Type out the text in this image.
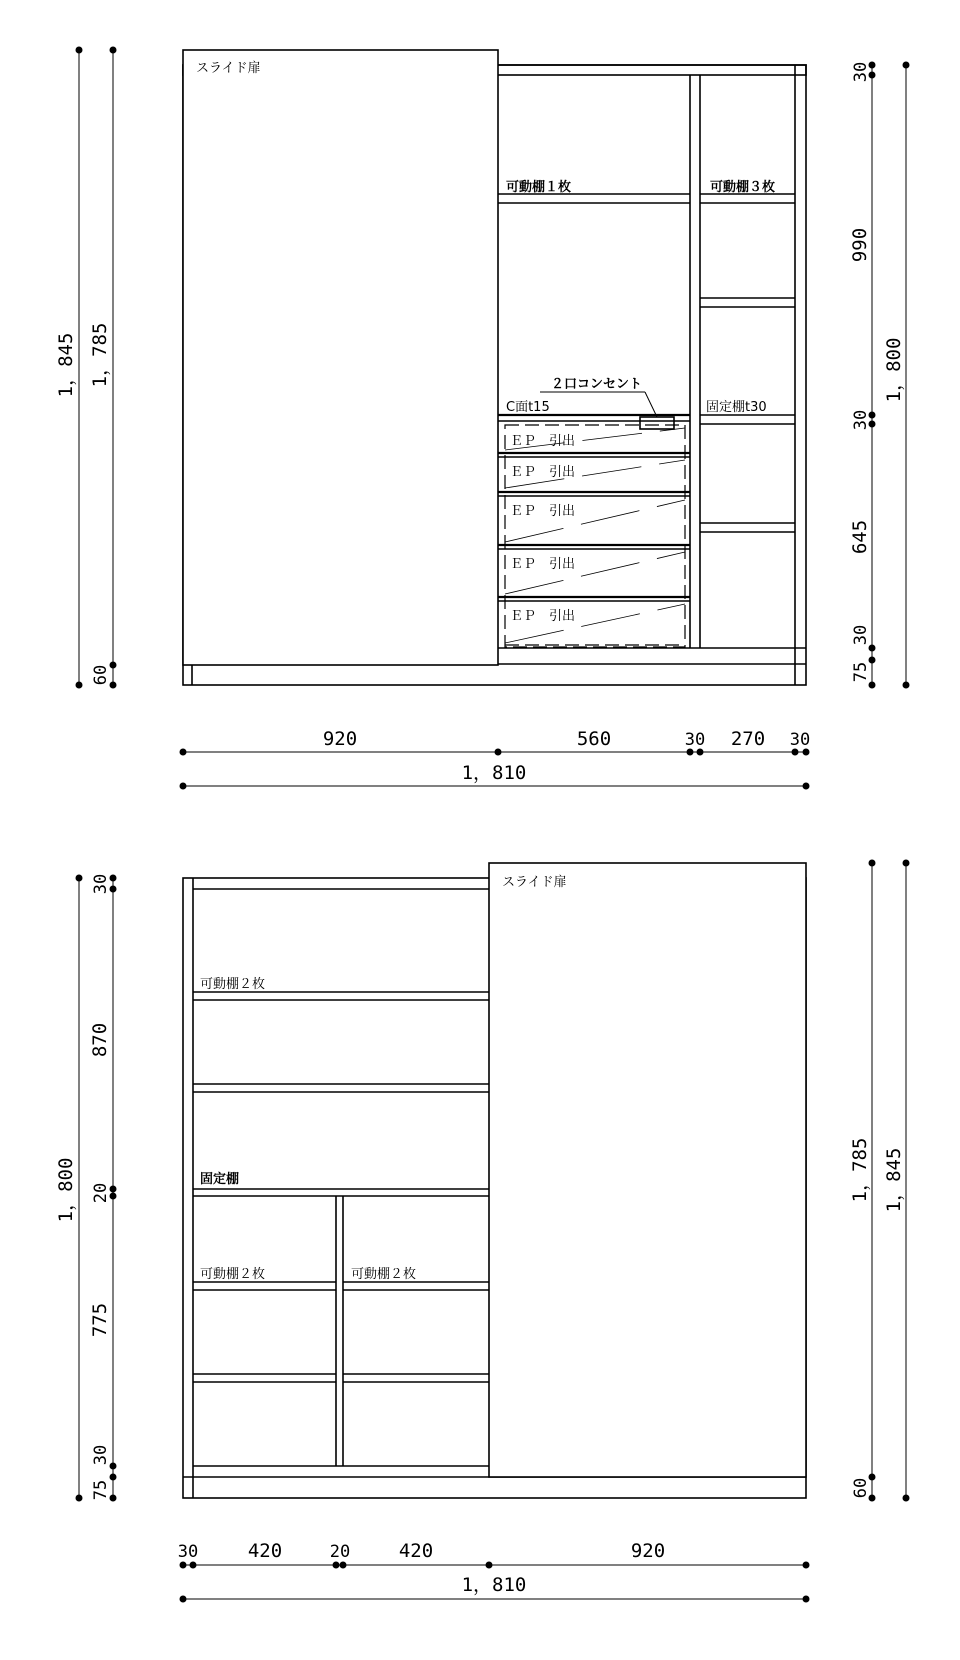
スライド扉
可動棚１枚	可動棚３枚
２口コンセント
C面t15	固定棚t30
ＥＰ　引出
ＥＰ　引出
ＥＰ　引出
ＥＰ　引出
ＥＰ　引出
1，845 1，785
60
30
990
30
645
30
75
1，800
920	560	30 270 30
1，810
スライド扉
可動棚２枚
固定棚
可動棚２枚	可動棚２枚
1，800
30
870
20
775
30
75
1，785
60
1，845
30	420	20	420	920
1，810
